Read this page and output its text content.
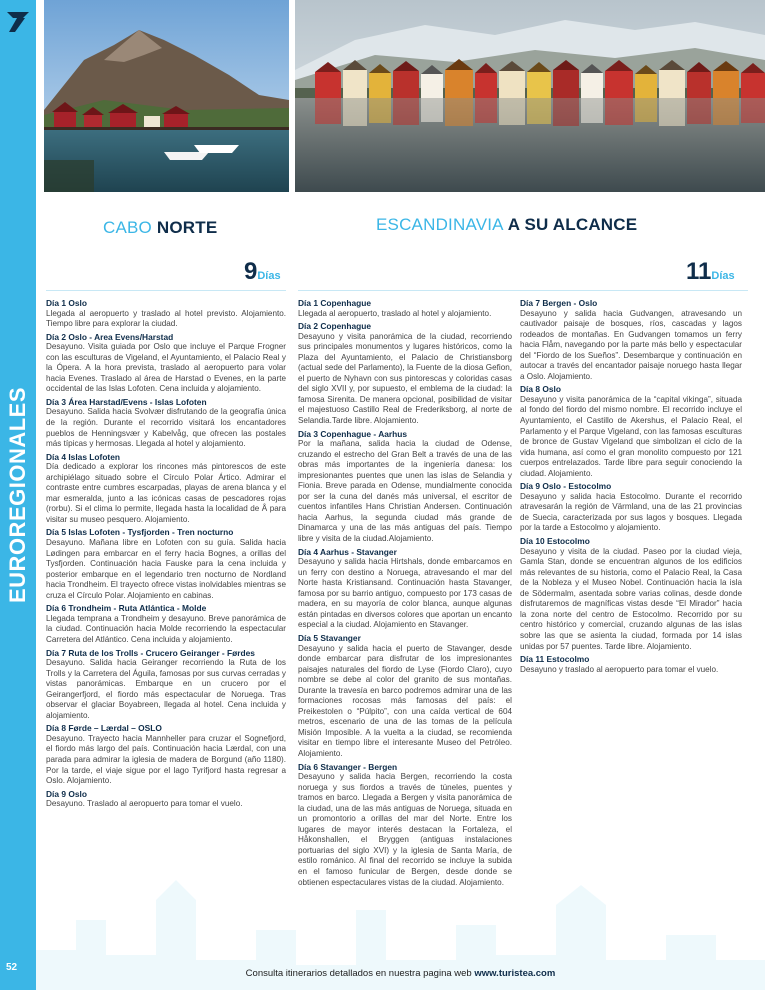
EUROREGIONALES
52
CABO NORTE	ESCANDINAVIA A SU ALCANCE
9Días	11Días
Día 1 Oslo
Llegada al aeropuerto y traslado al hotel previsto. Alojamiento. Tiempo libre para explorar la ciudad.
Día 2 Oslo - Area Evens/Harstad
Desayuno. Visita guiada por Oslo que incluye el Parque Frogner con las esculturas de Vigeland, el Ayuntamiento, el Palacio Real y la Ópera. A la hora prevista, traslado al aeropuerto para volar hacia Evenes. Traslado al área de Harstad o Evenes, en la parte occidental de las Islas Lofoten. Cena incluida y alojamiento.
Día 3 Área Harstad/Evens - Islas Lofoten
Desayuno. Salida hacia Svolvær disfrutando de la geografía única de la región. Durante el recorrido visitará los encantadores pueblos de Henningsvær y Kabelvåg, que ofrecen las postales más típicas y hermosas. Llegada al hotel y alojamiento.
Día 4 Islas Lofoten
Día dedicado a explorar los rincones más pintorescos de este archipiélago situado sobre el Círculo Polar Ártico. Admirar el contraste entre cumbres escarpadas, playas de arena blanca y el mar esmeralda, junto a las icónicas casas de pescadores rojas (rorbu). Si el clima lo permite, llegada hasta la localidad de Å para visitar su museo pesquero. Alojamiento.
Día 5 Islas Lofoten - Tysfjorden - Tren nocturno
Desayuno. Mañana libre en Lofoten con su guía. Salida hacia Lødingen para embarcar en el ferry hacia Bognes, a orillas del Tysfjorden. Continuación hacia Fauske para la cena incluida y posterior embarque en el legendario tren nocturno de Nordland hacia Trondheim. El trayecto ofrece vistas inolvidables mientras se cruza el Círculo Polar. Alojamiento en cabinas.
Día 6 Trondheim - Ruta Atlántica - Molde
Llegada temprana a Trondheim y desayuno. Breve panorámica de la ciudad. Continuación hacia Molde recorriendo la espectacular Carretera del Atlántico. Cena incluida y alojamiento.
Día 7 Ruta de los Trolls - Crucero Geiranger - Førdes
Desayuno. Salida hacia Geiranger recorriendo la Ruta de los Trolls y la Carretera del Águila, famosas por sus curvas cerradas y vistas panorámicas. Embarque en un crucero por el Geirangerfjord, el fiordo más espectacular de Noruega. Tras observar el glaciar Boyabreen, llegada al hotel. Cena incluida y alojamiento.
Día 8 Førde – Lærdal – OSLO
Desayuno. Trayecto hacia Mannheller para cruzar el Sognefjord, el fiordo más largo del país. Continuación hacia Lærdal, con una parada para admirar la iglesia de madera de Borgund (año 1180). Por la tarde, el viaje sigue por el lago Tyrifjord hasta regresar a Oslo. Alojamiento.
Día 9 Oslo
Desayuno. Traslado al aeropuerto para tomar el vuelo.
Día 1 Copenhague
Llegada al aeropuerto, traslado al hotel y alojamiento.
Día 2 Copenhague
Desayuno y visita panorámica de la ciudad, recorriendo sus principales monumentos y lugares históricos, como la Plaza del Ayuntamiento, el Palacio de Christiansborg (actual sede del Parlamento), la Fuente de la diosa Gefion, el puerto de Nyhavn con sus pintorescas y coloridas casas del siglo XVII y, por supuesto, el emblema de la ciudad: la famosa Sirenita. De manera opcional, posibilidad de visitar el majestuoso Castillo Real de Frederiksborg, al norte de Selandia.Tarde libre. Alojamiento.
Día 3 Copenhague - Aarhus
Por la mañana, salida hacia la ciudad de Odense, cruzando el estrecho del Gran Belt a través de una de las obras más importantes de la ingeniería danesa: los impresionantes puentes que unen las islas de Selandia y Fionia. Breve parada en Odense, mundialmente conocida por ser la cuna del danés más universal, el escritor de cuentos infantiles Hans Christian Andersen. Continuación hacia Aarhus, la segunda ciudad más grande de Dinamarca y una de las más antiguas del país. Tiempo libre y visita de la ciudad.Alojamiento.
Día 4 Aarhus - Stavanger
Desayuno y salida hacia Hirtshals, donde embarcamos en un ferry con destino a Noruega, atravesando el mar del Norte hasta Kristiansand. Continuación hasta Stavanger, famosa por su barrio antiguo, compuesto por 173 casas de madera, en su mayoría de color blanca, aunque algunas están pintadas en diversos colores que aportan un encanto especial a la ciudad. Alojamiento en Stavanger.
Día 5 Stavanger
Desayuno y salida hacia el puerto de Stavanger, desde donde embarcar para disfrutar de los impresionantes paisajes naturales del fiordo de Lyse (Fiordo Claro), cuyo nombre se debe al color del granito de sus montañas. Durante la travesía en barco podremos admirar una de las formaciones rocosas más famosas del país: el Preikestolen o “Púlpito”, con una caída vertical de 604 metros, escenario de una de las tomas de la película Misión Imposible. A la vuelta a la ciudad, se recomienda visitar en tiempo libre el interesante Museo del Petróleo. Alojamiento.
Día 6 Stavanger - Bergen
Desayuno y salida hacia Bergen, recorriendo la costa noruega y sus fiordos a través de túneles, puentes y tramos en barco. Llegada a Bergen y visita panorámica de la ciudad, una de las más antiguas de Noruega, situada en un promontorio a orillas del mar del Norte. Entre los lugares de mayor interés destacan la Fortaleza, el Håkonshallen, el Bryggen (antiguas instalaciones portuarias del siglo XVI) y la iglesia de Santa María, de estilo románico. Al final del recorrido se incluye la subida en el famoso funicular de Bergen, desde donde se obtienen espectaculares vistas de la ciudad. Alojamiento.
Día 7 Bergen - Oslo
Desayuno y salida hacia Gudvangen, atravesando un cautivador paisaje de bosques, ríos, cascadas y lagos rodeados de montañas. En Gudvangen tomamos un ferry hacia Flåm, navegando por la parte más bello y espectacular del “Fiordo de los Sueños”. Desembarque y continuación en autocar a través del encantador paisaje noruego hasta llegar a Oslo. Alojamiento.
Día 8 Oslo
Desayuno y visita panorámica de la “capital vikinga”, situada al fondo del fiordo del mismo nombre. El recorrido incluye el Ayuntamiento, el Castillo de Akershus, el Palacio Real, el Parlamento y el Parque Vigeland, con las famosas esculturas de bronce de Gustav Vigeland que simbolizan el ciclo de la vida humana, así como el gran monolito compuesto por 121 cuerpos entrelazados. Tarde libre para seguir conociendo la ciudad. Alojamiento.
Día 9 Oslo - Estocolmo
Desayuno y salida hacia Estocolmo. Durante el recorrido atravesarán la región de Värmland, una de las 21 provincias de Suecia, caracterizada por sus lagos y bosques. Llegada por la tarde a Estocolmo y alojamiento.
Día 10 Estocolmo
Desayuno y visita de la ciudad. Paseo por la ciudad vieja, Gamla Stan, donde se encuentran algunos de los edificios más relevantes de su historia, como el Palacio Real, la Casa de la Nobleza y el Museo Nobel. Continuación hacia la isla de Södermalm, asentada sobre varias colinas, desde donde disfrutaremos de magníficas vistas desde “El Mirador” hacia la zona norte del centro de Estocolmo. Recorrido por su centro histórico y comercial, cruzando algunas de las islas sobre las que se asienta la ciudad, formada por 14 islas unidas por 57 puentes. Tarde libre. Alojamiento.
Día 11 Estocolmo
Desayuno y traslado al aeropuerto para tomar el vuelo.
Consulta itinerarios detallados en nuestra pagina web www.turistea.com
